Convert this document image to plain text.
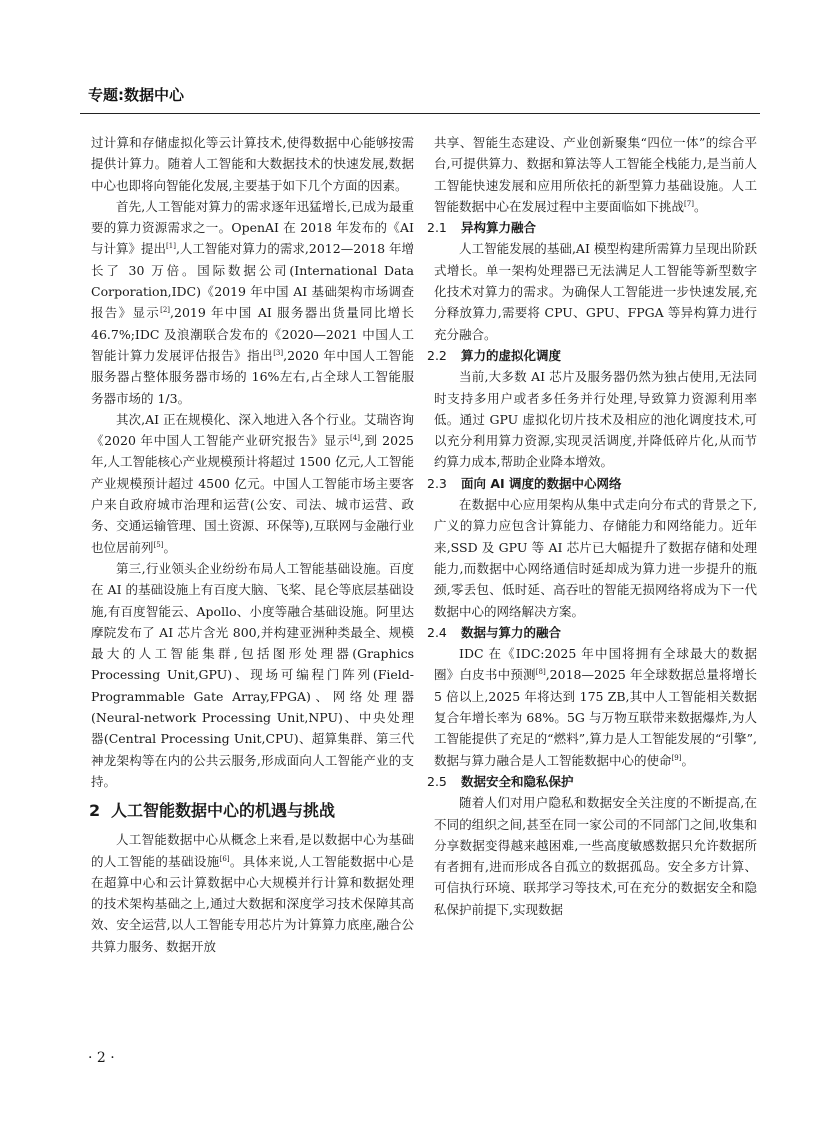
专题:数据中心

过计算和存储虚拟化等云计算技术,使得数据中心能够按需提供计算力。随着人工智能和大数据技术的快速发展,数据中心也即将向智能化发展,主要基于如下几个方面的因素。

首先,人工智能对算力的需求逐年迅猛增长,已成为最重要的算力资源需求之一。OpenAI 在 2018 年发布的《AI 与计算》提出[1],人工智能对算力的需求,2012—2018 年增长了 30 万倍。国际数据公司(International Data Corporation,IDC)《2019 年中国 AI 基础架构市场调查报告》显示[2],2019 年中国 AI 服务器出货量同比增长 46.7%;IDC 及浪潮联合发布的《2020—2021 中国人工智能计算力发展评估报告》指出[3],2020 年中国人工智能服务器占整体服务器市场的 16%左右,占全球人工智能服务器市场的 1/3。

其次,AI 正在规模化、深入地进入各个行业。艾瑞咨询《2020 年中国人工智能产业研究报告》显示[4],到 2025 年,人工智能核心产业规模预计将超过 1500 亿元,人工智能产业规模预计超过 4500 亿元。中国人工智能市场主要客户来自政府城市治理和运营(公安、司法、城市运营、政务、交通运输管理、国土资源、环保等),互联网与金融行业也位居前列[5]。

第三,行业领头企业纷纷布局人工智能基础设施。百度在 AI 的基础设施上有百度大脑、飞桨、昆仑等底层基础设施,有百度智能云、Apollo、小度等融合基础设施。阿里达摩院发布了 AI 芯片含光 800,并构建亚洲种类最全、规模最大的人工智能集群,包括图形处理器(Graphics Processing Unit,GPU)、现场可编程门阵列(Field-Programmable Gate Array,FPGA)、网络处理器(Neural-network Processing Unit,NPU)、中央处理器(Central Processing Unit,CPU)、超算集群、第三代神龙架构等在内的公共云服务,形成面向人工智能产业的支持。

2 人工智能数据中心的机遇与挑战

人工智能数据中心从概念上来看,是以数据中心为基础的人工智能的基础设施[6]。具体来说,人工智能数据中心是在超算中心和云计算数据中心大规模并行计算和数据处理的技术架构基础之上,通过大数据和深度学习技术保障其高效、安全运营,以人工智能专用芯片为计算算力底座,融合公共算力服务、数据开放

共享、智能生态建设、产业创新聚集“四位一体”的综合平台,可提供算力、数据和算法等人工智能全栈能力,是当前人工智能快速发展和应用所依托的新型算力基础设施。人工智能数据中心在发展过程中主要面临如下挑战[7]。

2.1 异构算力融合

人工智能发展的基础,AI 模型构建所需算力呈现出阶跃式增长。单一架构处理器已无法满足人工智能等新型数字化技术对算力的需求。为确保人工智能进一步快速发展,充分释放算力,需要将 CPU、GPU、FPGA 等异构算力进行充分融合。

2.2 算力的虚拟化调度

当前,大多数 AI 芯片及服务器仍然为独占使用,无法同时支持多用户或者多任务并行处理,导致算力资源利用率低。通过 GPU 虚拟化切片技术及相应的池化调度技术,可以充分利用算力资源,实现灵活调度,并降低碎片化,从而节约算力成本,帮助企业降本增效。

2.3 面向 AI 调度的数据中心网络

在数据中心应用架构从集中式走向分布式的背景之下,广义的算力应包含计算能力、存储能力和网络能力。近年来,SSD 及 GPU 等 AI 芯片已大幅提升了数据存储和处理能力,而数据中心网络通信时延却成为算力进一步提升的瓶颈,零丢包、低时延、高吞吐的智能无损网络将成为下一代数据中心的网络解决方案。

2.4 数据与算力的融合

IDC 在《IDC:2025 年中国将拥有全球最大的数据圈》白皮书中预测[8],2018—2025 年全球数据总量将增长 5 倍以上,2025 年将达到 175 ZB,其中人工智能相关数据复合年增长率为 68%。5G 与万物互联带来数据爆炸,为人工智能提供了充足的“燃料”,算力是人工智能发展的“引擎”,数据与算力融合是人工智能数据中心的使命[9]。

2.5 数据安全和隐私保护

随着人们对用户隐私和数据安全关注度的不断提高,在不同的组织之间,甚至在同一家公司的不同部门之间,收集和分享数据变得越来越困难,一些高度敏感数据只允许数据所有者拥有,进而形成各自孤立的数据孤岛。安全多方计算、可信执行环境、联邦学习等技术,可在充分的数据安全和隐私保护前提下,实现数据

· 2 ·
